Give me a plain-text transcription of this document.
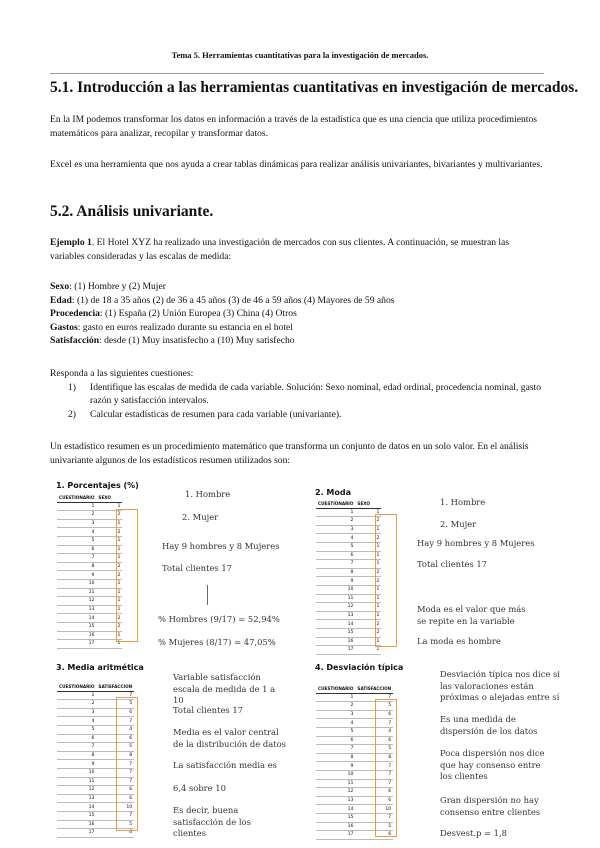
Tema 5. Herramientas cuantitativas para la investigación de mercados.
5.1. Introducción a las herramientas cuantitativas en investigación de mercados.
En la IM podemos transformar los datos en información a través de la estadística que es una ciencia que utiliza procedimientos matemáticos para analizar, recopilar y transformar datos.
Excel es una herramienta que nos ayuda a crear tablas dinámicas para realizar análisis univariantes, bivariantes y multivariantes.
5.2. Análisis univariante.
Ejemplo 1. El Hotel XYZ ha realizado una investigación de mercados con sus clientes. A continuación, se muestran las variables consideradas y las escalas de medida:
Sexo: (1) Hombre y (2) Mujer
Edad: (1) de 18 a 35 años (2) de 36 a 45 años (3) de 46 a 59 años (4) Mayores de 59 años
Procedencia: (1) España (2) Unión Europea (3) China (4) Otros
Gastos: gasto en euros realizado durante su estancia en el hotel
Satisfacción: desde (1) Muy insatisfecho a (10) Muy satisfecho
Responda a las siguientes cuestiones:
1) Identifique las escalas de medida de cada variable. Solución: Sexo nominal, edad ordinal, procedencia nominal, gasto razón y satisfacción intervalos.
2) Calcular estadísticas de resumen para cada variable (univariante).
Un estadístico resumen es un procedimiento matemático que transforma un conjunto de datos en un solo valor. En el análisis univariante algunos de los estadísticos resumen utilizados son:
1. Porcentajes (%)
CUESTIONARIO	SEXO
1	1
2	2
3	1
4	2
5	1
6	1
7	1
8	2
9	2
10	1
11	1
12	1
13	1
14	2
15	2
16	1
17	1
1. Hombre
2. Mujer
Hay 9 hombres y 8 Mujeres
Total clientes 17
% Hombres (9/17) = 52,94%
% Mujeres (8/17) = 47,05%
2. Moda
CUESTIONARIO	SEXO
1	1
2	2
3	1
4	2
5	1
6	1
7	1
8	2
9	2
10	1
11	1
12	1
13	1
14	2
15	2
16	1
17	1
1. Hombre
2. Mujer
Hay 9 hombres y 8 Mujeres
Total clientes 17
Moda es el valor que más se repite en la variable
La moda es hombre
3. Media aritmética
CUESTIONARIO	SATISFACCION
1	7
2	5
3	6
4	7
5	4
6	6
7	5
8	8
9	7
10	7
11	7
12	6
13	6
14	10
15	7
16	5
17	6
Variable satisfacción escala de medida de 1 a 10
Total clientes 17
Media es el valor central de la distribución de datos
La satisfacción media es
6,4 sobre 10
Es decir, buena satisfacción de los clientes
4. Desviación típica
CUESTIONARIO	SATISFACCION
1	7
2	5
3	6
4	7
5	4
6	6
7	5
8	8
9	7
10	7
11	7
12	6
13	6
14	10
15	7
16	5
17	6
Desviación típica nos dice si las valoraciones están próximas o alejadas entre sí
Es una medida de dispersión de los datos
Poca dispersión nos dice que hay consenso entre los clientes
Gran dispersión no hay consenso entre clientes
Desvest.p = 1,8
